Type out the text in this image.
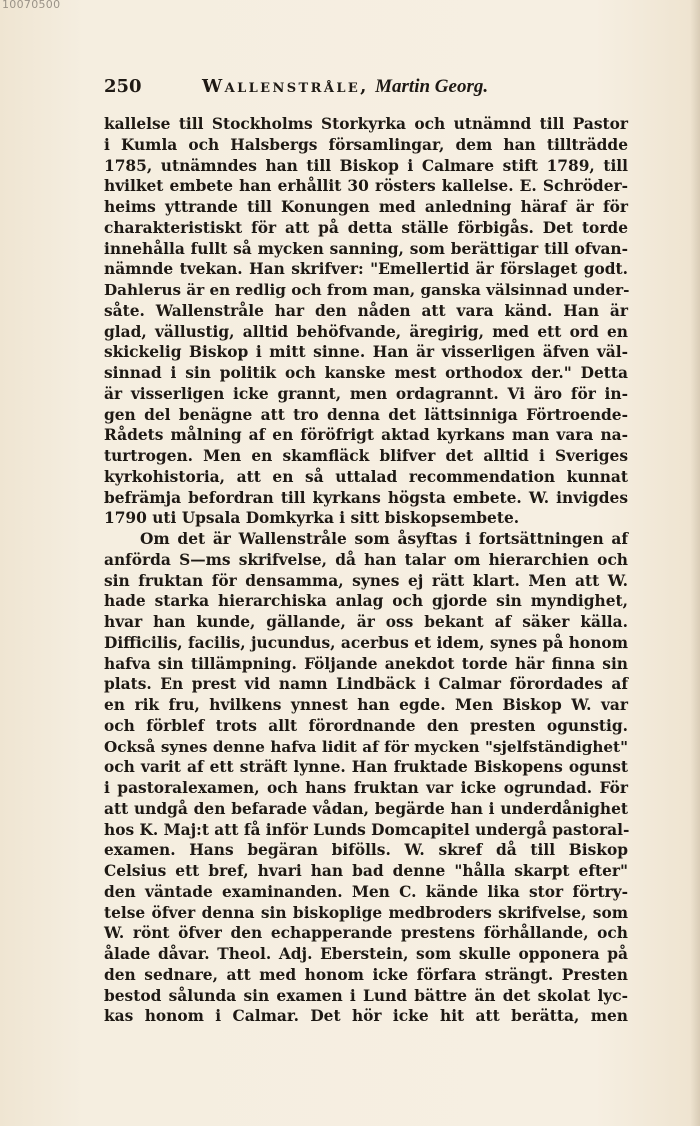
10070500
250	Wallenstråle, Martin Georg.
kallelse till Stockholms Storkyrka och utnämnd till Pastor
i Kumla och Halsbergs församlingar, dem han tillträdde
1785, utnämndes han till Biskop i Calmare stift 1789, till
hvilket embete han erhållit 30 rösters kallelse. E. Schröder-
heims yttrande till Konungen med anledning häraf är för
charakteristiskt för att på detta ställe förbigås. Det torde
innehålla fullt så mycken sanning, som berättigar till ofvan-
nämnde tvekan. Han skrifver: "Emellertid är förslaget godt.
Dahlerus är en redlig och from man, ganska välsinnad under-
såte. Wallenstråle har den nåden att vara känd. Han är
glad, vällustig, alltid behöfvande, äregirig, med ett ord en
skickelig Biskop i mitt sinne. Han är visserligen äfven väl-
sinnad i sin politik och kanske mest orthodox der." Detta
är visserligen icke grannt, men ordagrannt. Vi äro för in-
gen del benägne att tro denna det lättsinniga Förtroende-
Rådets målning af en föröfrigt aktad kyrkans man vara na-
turtrogen. Men en skamfläck blifver det alltid i Sveriges
kyrkohistoria, att en så uttalad recommendation kunnat
befrämja befordran till kyrkans högsta embete. W. invigdes
1790 uti Upsala Domkyrka i sitt biskopsembete.
Om det är Wallenstråle som åsyftas i fortsättningen af
anförda S—ms skrifvelse, då han talar om hierarchien och
sin fruktan för densamma, synes ej rätt klart. Men att W.
hade starka hierarchiska anlag och gjorde sin myndighet,
hvar han kunde, gällande, är oss bekant af säker källa.
Difficilis, facilis, jucundus, acerbus et idem, synes på honom
hafva sin tillämpning. Följande anekdot torde här finna sin
plats. En prest vid namn Lindbäck i Calmar förordades af
en rik fru, hvilkens ynnest han egde. Men Biskop W. var
och förblef trots allt förordnande den presten ogunstig.
Också synes denne hafva lidit af för mycken "sjelfständighet"
och varit af ett sträft lynne. Han fruktade Biskopens ogunst
i pastoralexamen, och hans fruktan var icke ogrundad. För
att undgå den befarade vådan, begärde han i underdånighet
hos K. Maj:t att få inför Lunds Domcapitel undergå pastoral-
examen. Hans begäran bifölls. W. skref då till Biskop
Celsius ett bref, hvari han bad denne "hålla skarpt efter"
den väntade examinanden. Men C. kände lika stor förtry-
telse öfver denna sin biskoplige medbroders skrifvelse, som
W. rönt öfver den echapperande prestens förhållande, och
ålade dåvar. Theol. Adj. Eberstein, som skulle opponera på
den sednare, att med honom icke förfara strängt. Presten
bestod sålunda sin examen i Lund bättre än det skolat lyc-
kas honom i Calmar. Det hör icke hit att berätta, men
